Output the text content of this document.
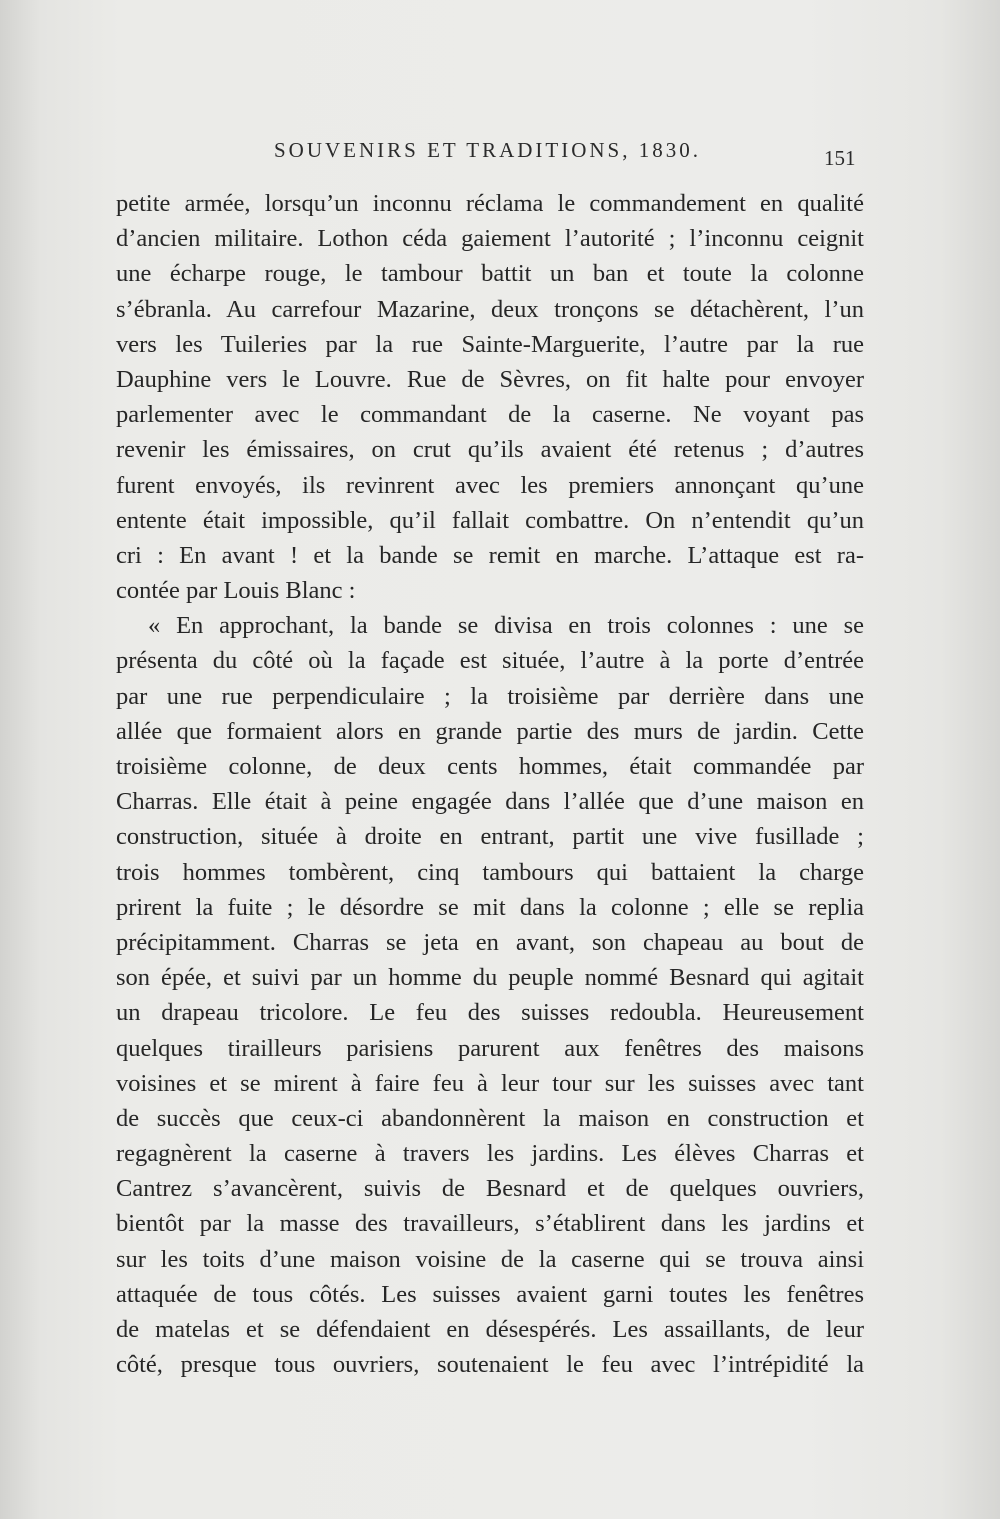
SOUVENIRS ET TRADITIONS, 1830.	151
petite armée, lorsqu’un inconnu réclama le commandement en qualité
d’ancien militaire. Lothon céda gaiement l’autorité ; l’inconnu ceignit
une écharpe rouge, le tambour battit un ban et toute la colonne
s’ébranla. Au carrefour Mazarine, deux tronçons se détachèrent, l’un
vers les Tuileries par la rue Sainte-Marguerite, l’autre par la rue
Dauphine vers le Louvre. Rue de Sèvres, on fit halte pour envoyer
parlementer avec le commandant de la caserne. Ne voyant pas
revenir les émissaires, on crut qu’ils avaient été retenus ; d’autres
furent envoyés, ils revinrent avec les premiers annonçant qu’une
entente était impossible, qu’il fallait combattre. On n’entendit qu’un
cri : En avant ! et la bande se remit en marche. L’attaque est ra-
contée par Louis Blanc :
« En approchant, la bande se divisa en trois colonnes : une se
présenta du côté où la façade est située, l’autre à la porte d’entrée
par une rue perpendiculaire ; la troisième par derrière dans une
allée que formaient alors en grande partie des murs de jardin. Cette
troisième colonne, de deux cents hommes, était commandée par
Charras. Elle était à peine engagée dans l’allée que d’une maison en
construction, située à droite en entrant, partit une vive fusillade ;
trois hommes tombèrent, cinq tambours qui battaient la charge
prirent la fuite ; le désordre se mit dans la colonne ; elle se replia
précipitamment. Charras se jeta en avant, son chapeau au bout de
son épée, et suivi par un homme du peuple nommé Besnard qui agitait
un drapeau tricolore. Le feu des suisses redoubla. Heureusement
quelques tirailleurs parisiens parurent aux fenêtres des maisons
voisines et se mirent à faire feu à leur tour sur les suisses avec tant
de succès que ceux-ci abandonnèrent la maison en construction et
regagnèrent la caserne à travers les jardins. Les élèves Charras et
Cantrez s’avancèrent, suivis de Besnard et de quelques ouvriers,
bientôt par la masse des travailleurs, s’établirent dans les jardins et
sur les toits d’une maison voisine de la caserne qui se trouva ainsi
attaquée de tous côtés. Les suisses avaient garni toutes les fenêtres
de matelas et se défendaient en désespérés. Les assaillants, de leur
côté, presque tous ouvriers, soutenaient le feu avec l’intrépidité la
